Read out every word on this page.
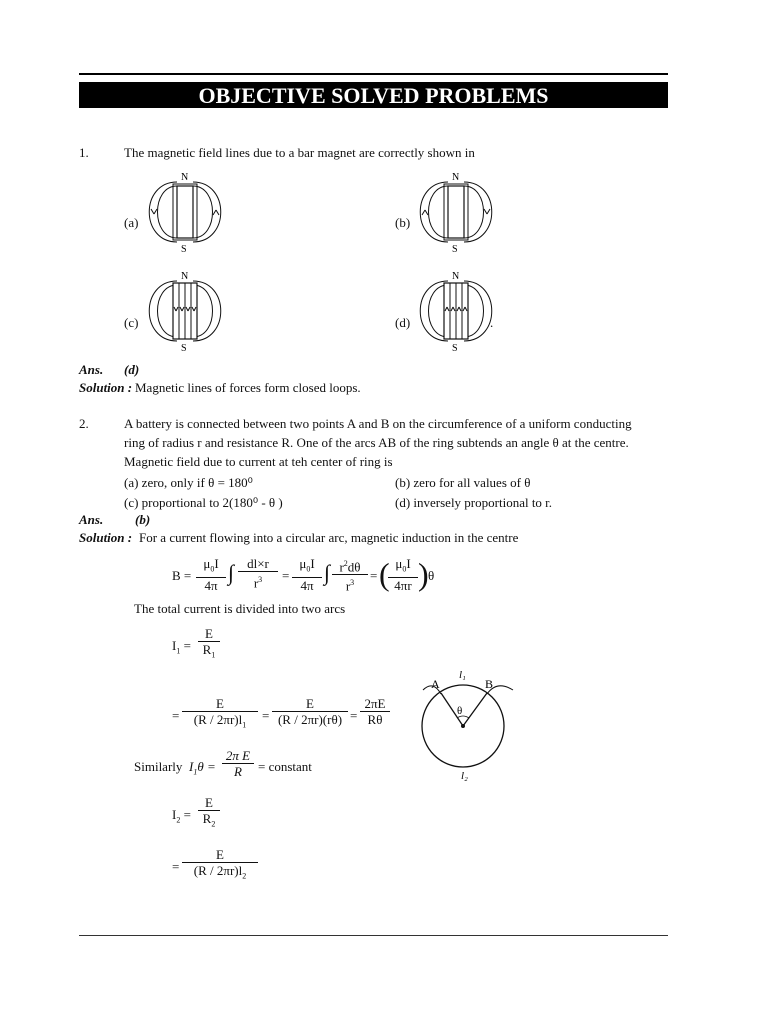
OBJECTIVE SOLVED PROBLEMS
1.	The magnetic field lines due to a bar magnet are correctly shown in
(a)
N
S
(b)
N
S
(c)
N
S
(d)
N
S
.
Ans. (d)
Solution : Magnetic lines of forces form closed loops.
2.	A battery is connected between two points A and B on the circumference of a uniform conducting
ring of radius r and resistance R. One of the arcs AB of the ring subtends an angle θ at the centre.
Magnetic field due to current at teh center of ring is
(a) zero, only if θ = 180⁰	(b) zero for all values of θ
(c) proportional to 2(180⁰ - θ )	(d) inversely proportional to r.
Ans. (b)
Solution : For a current flowing into a circular arc, magnetic induction in the centre
$B = \frac{\mu_0I}{4\pi}$ ∫ $\frac{dl\times r}{r^3} = \frac{\mu_0I}{4\pi}$ ∫ $\frac{r^2d\theta}{r^3}$ = (
$\frac{\mu_0I}{4\pi r}$ ) θ
The total current is divided into two arcs
$I_1 = \frac{E}{R_1}$
= $\frac{E}{(R / 2\pi r)l_1} = \frac{E}{(R / 2\pi r)(r\theta)} = \frac{2\pi E}{R\theta}$
Similarly $I_1\theta = \frac{\text{2π E}}{R}$ = constant
$I_2 = \frac{E}{R_2}$
= $\frac{E}{(R / 2\pi r)l_2}$
A	B
l₁
l₂
θ
